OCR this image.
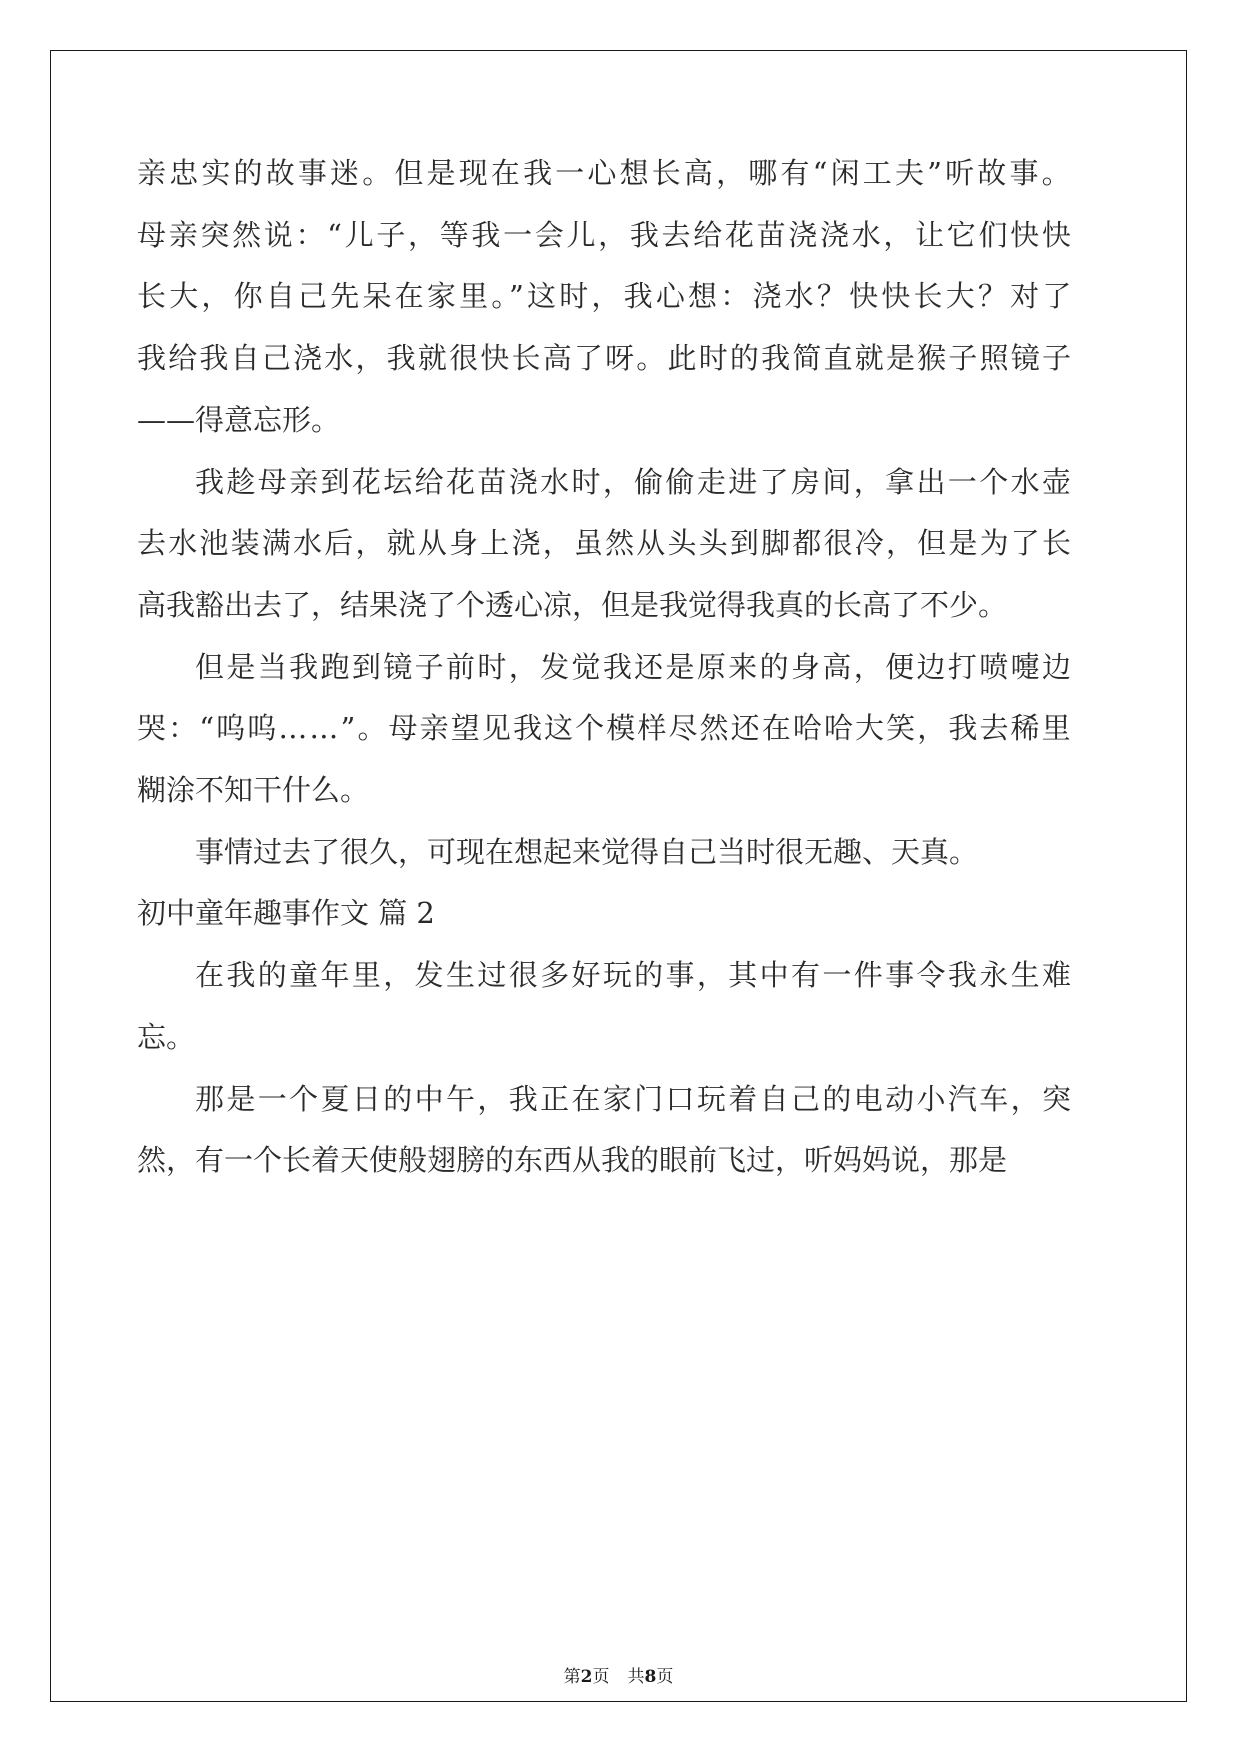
亲忠实的故事迷。但是现在我一心想长高，哪有“闲工夫”听故事。
母亲突然说：“儿子，等我一会儿，我去给花苗浇浇水，让它们快快
长大，你自己先呆在家里。”这时，我心想：浇水？快快长大？对了
我给我自己浇水，我就很快长高了呀。此时的我简直就是猴子照镜子
——得意忘形。
我趁母亲到花坛给花苗浇水时，偷偷走进了房间，拿出一个水壶
去水池装满水后，就从身上浇，虽然从头头到脚都很冷，但是为了长
高我豁出去了，结果浇了个透心凉，但是我觉得我真的长高了不少。
但是当我跑到镜子前时，发觉我还是原来的身高，便边打喷嚏边
哭：“呜呜……”。母亲望见我这个模样尽然还在哈哈大笑，我去稀里
糊涂不知干什么。
事情过去了很久，可现在想起来觉得自己当时很无趣、天真。
初中童年趣事作文 篇 2
在我的童年里，发生过很多好玩的事，其中有一件事令我永生难
忘。
那是一个夏日的中午，我正在家门口玩着自己的电动小汽车，突
然，有一个长着天使般翅膀的东西从我的眼前飞过，听妈妈说，那是
第2页 共8页
